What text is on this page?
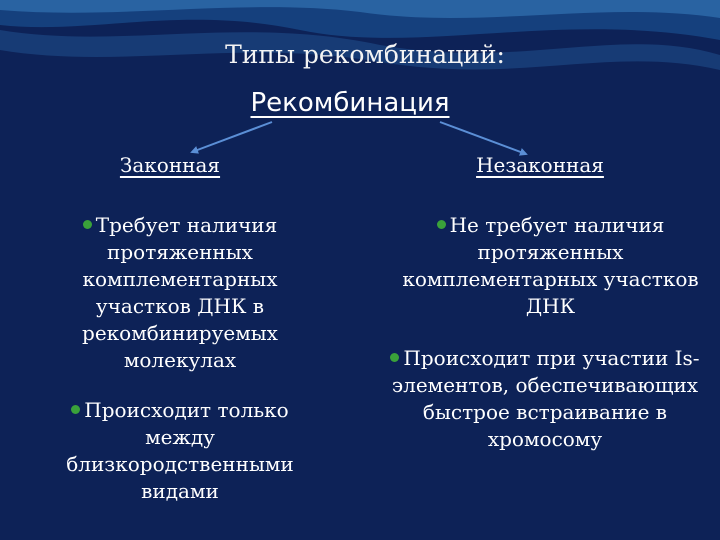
Типы рекомбинаций:
Рекомбинация
Законная	Незаконная
Требует наличия протяженных комплементарных участков ДНК в рекомбинируемых молекулах
Происходит только между близкородственными видами
Не требует наличия протяженных комплементарных участков ДНК
Происходит при участии Is-элементов, обеспечивающих быстрое встраивание в хромосому
